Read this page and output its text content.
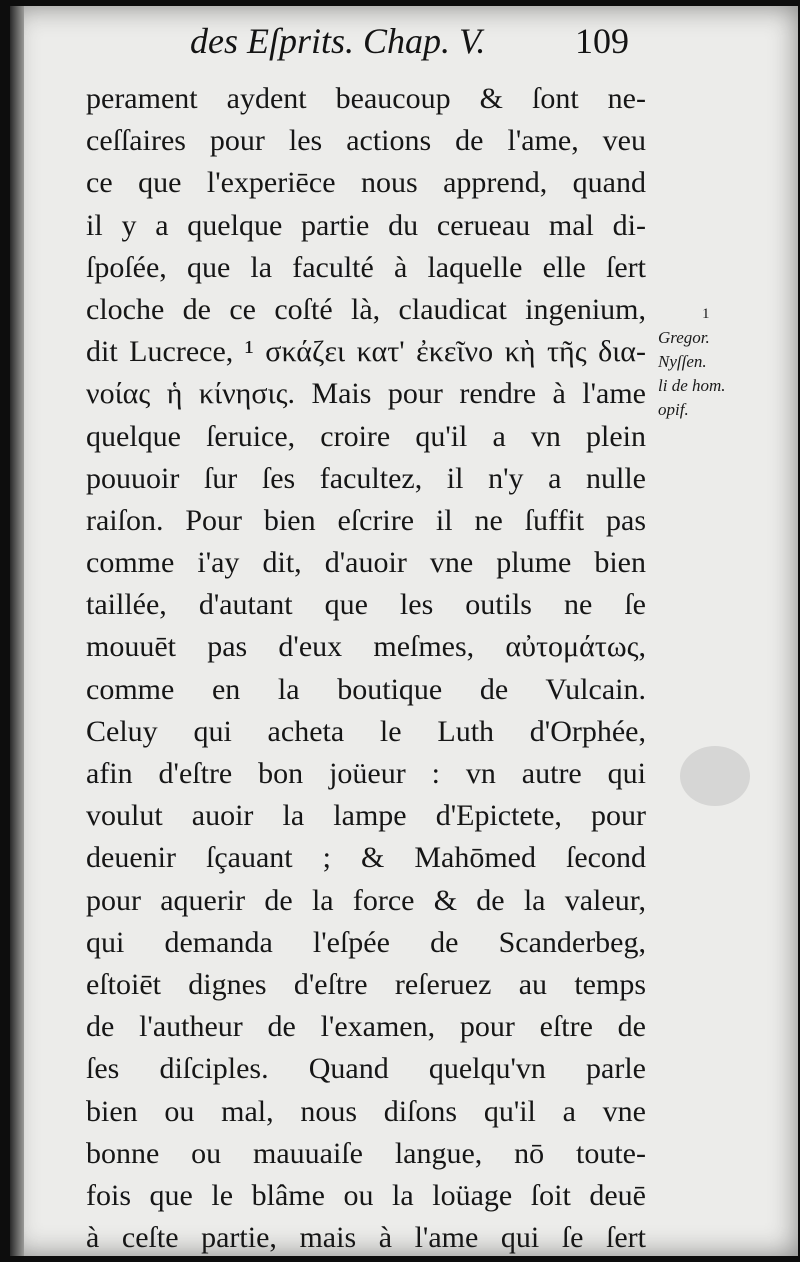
des Eſprits. Chap. V. 109
perament aydent beaucoup & ſont ne-
ceſſaires pour les actions de l'ame, veu
ce que l'experiēce nous apprend, quand
il y a quelque partie du cerueau mal di-
ſpoſée, que la faculté à laquelle elle ſert
cloche de ce coſté là, claudicat ingenium,
dit Lucrece, ¹ σκάζει κατ' ἐκεῖνο κὴ τῆς δια-
νοίας ἡ κίνησις. Mais pour rendre à l'ame
quelque ſeruice, croire qu'il a vn plein
pouuoir ſur ſes facultez, il n'y a nulle
raiſon. Pour bien eſcrire il ne ſuffit pas
comme i'ay dit, d'auoir vne plume bien
taillée, d'autant que les outils ne ſe
mouuēt pas d'eux meſmes, αὐτομάτως,
comme en la boutique de Vulcain.
Celuy qui acheta le Luth d'Orphée,
afin d'eſtre bon joüeur : vn autre qui
voulut auoir la lampe d'Epictete, pour
deuenir ſçauant ; & Mahōmed ſecond
pour aquerir de la force & de la valeur,
qui demanda l'eſpée de Scanderbeg,
eſtoiēt dignes d'eſtre reſeruez au temps
de l'autheur de l'examen, pour eſtre de
ſes diſciples. Quand quelqu'vn parle
bien ou mal, nous diſons qu'il a vne
bonne ou mauuaiſe langue, nō toute-
fois que le blâme ou la loüage ſoit deuē
à ceſte partie, mais à l'ame qui ſe ſert
1
Gregor.
Nyſſen.
li de hom.
opif.
